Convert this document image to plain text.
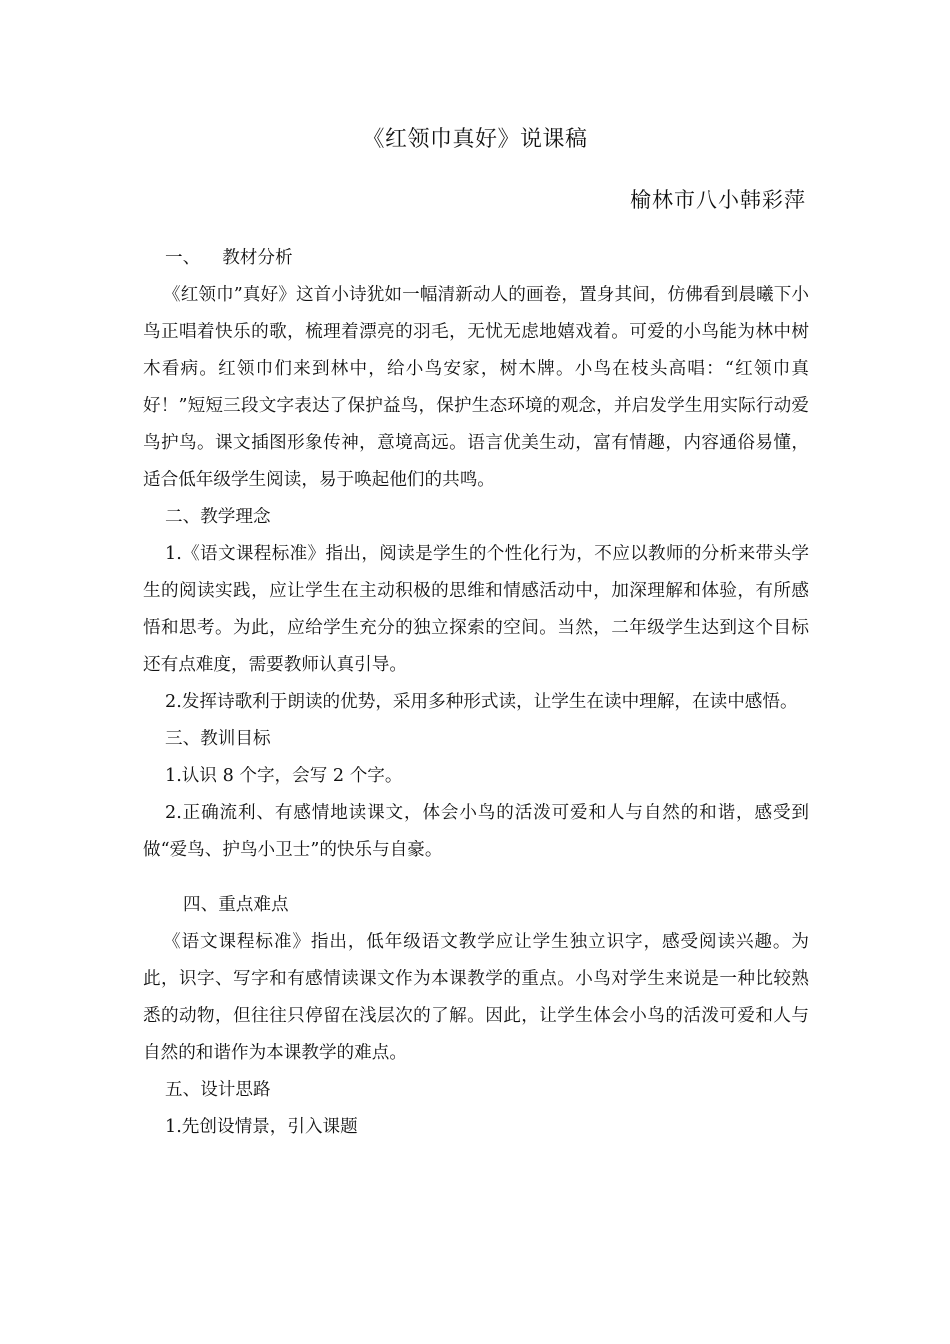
《红领巾真好》说课稿
榆林市八小韩彩萍

一、 教材分析

《红领巾”真好》这首小诗犹如一幅清新动人的画卷，置身其间，仿佛看到晨曦下小鸟正唱着快乐的歌，梳理着漂亮的羽毛，无忧无虑地嬉戏着。可爱的小鸟能为林中树木看病。红领巾们来到林中，给小鸟安家，树木牌。小鸟在枝头高唱：“红领巾真好！”短短三段文字表达了保护益鸟，保护生态环境的观念，并启发学生用实际行动爱鸟护鸟。课文插图形象传神，意境高远。语言优美生动，富有情趣，内容通俗易懂，适合低年级学生阅读，易于唤起他们的共鸣。

二、教学理念

1.《语文课程标准》指出，阅读是学生的个性化行为，不应以教师的分析来带头学生的阅读实践，应让学生在主动积极的思维和情感活动中，加深理解和体验，有所感悟和思考。为此，应给学生充分的独立探索的空间。当然，二年级学生达到这个目标还有点难度，需要教师认真引导。

2.发挥诗歌利于朗读的优势，采用多种形式读，让学生在读中理解，在读中感悟。

三、教训目标

1.认识 8 个字，会写 2 个字。

2.正确流利、有感情地读课文，体会小鸟的活泼可爱和人与自然的和谐，感受到做“爱鸟、护鸟小卫士”的快乐与自豪。

四、重点难点

《语文课程标准》指出，低年级语文教学应让学生独立识字，感受阅读兴趣。为此，识字、写字和有感情读课文作为本课教学的重点。小鸟对学生来说是一种比较熟悉的动物，但往往只停留在浅层次的了解。因此，让学生体会小鸟的活泼可爱和人与自然的和谐作为本课教学的难点。

五、设计思路

1.先创设情景，引入课题
